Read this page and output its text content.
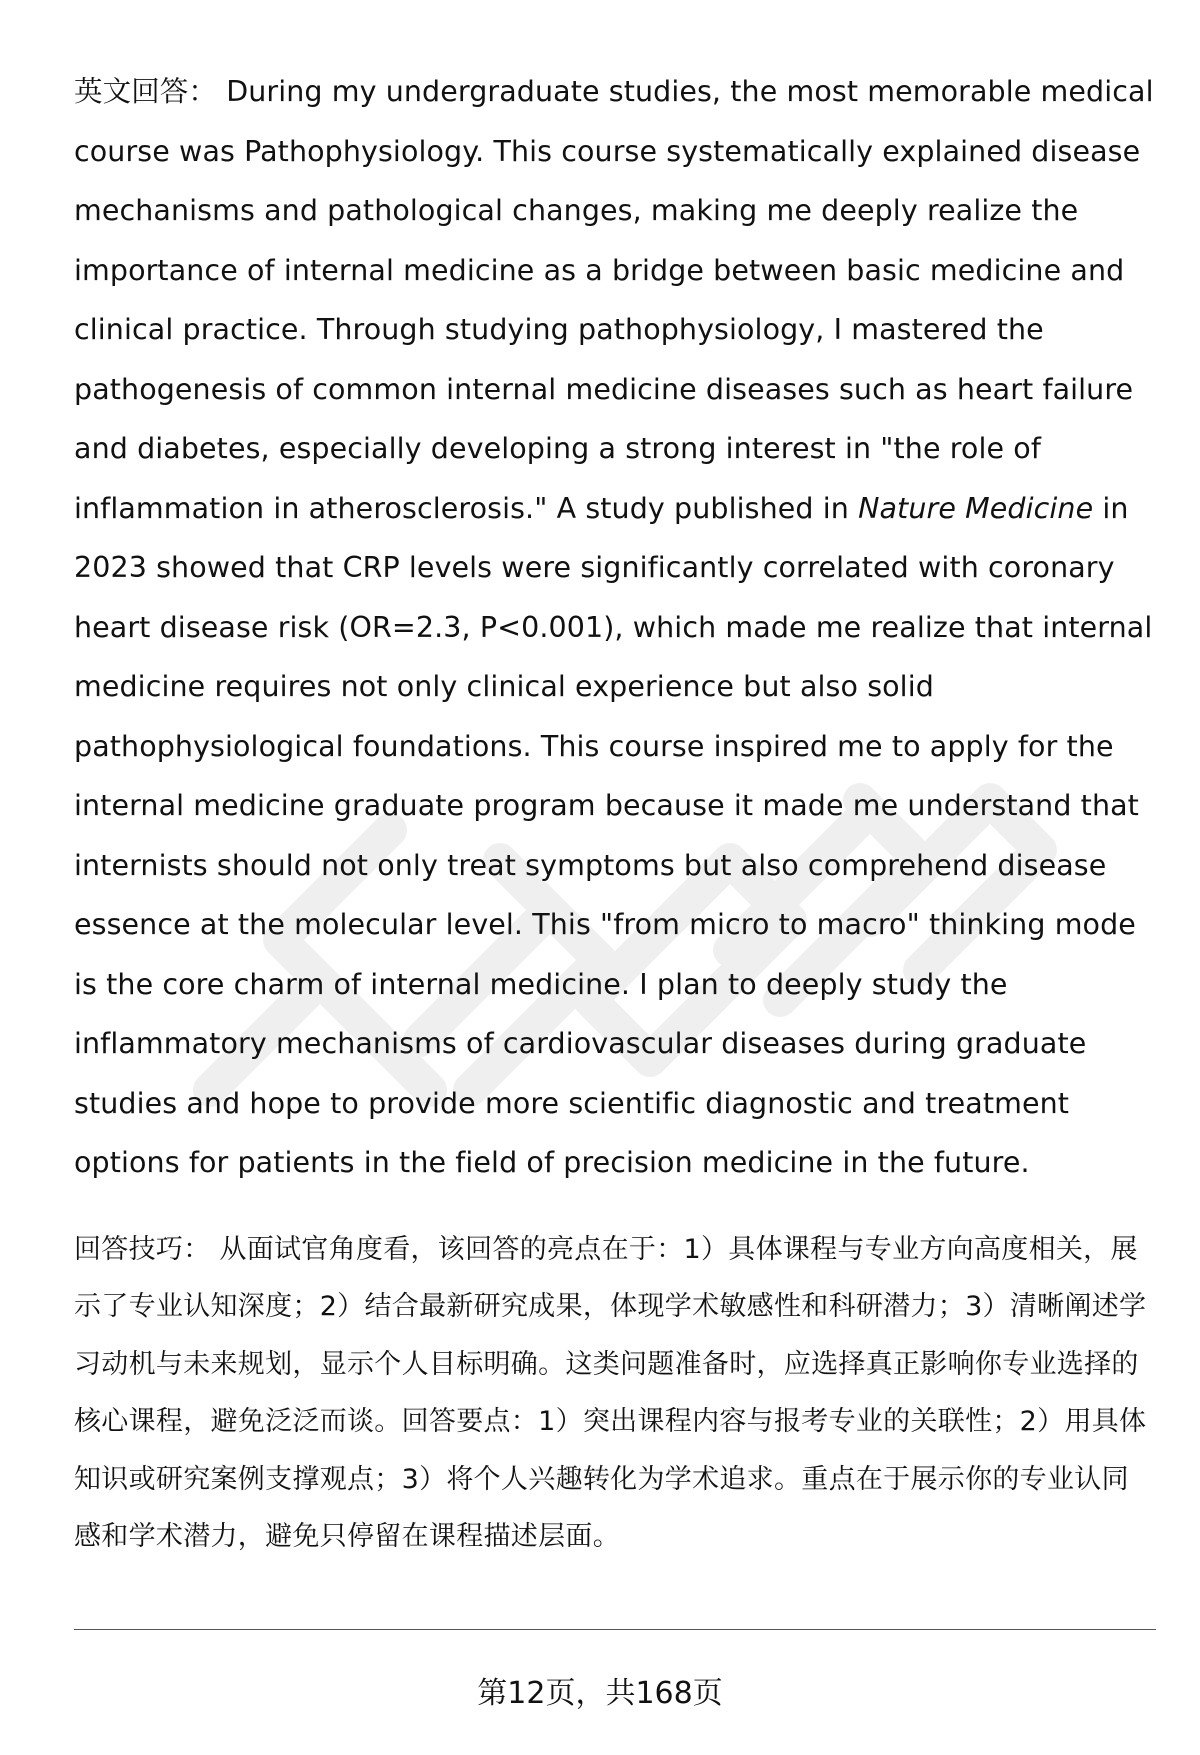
英文回答： During my undergraduate studies, the most memorable medical course was Pathophysiology. This course systematically explained disease mechanisms and pathological changes, making me deeply realize the importance of internal medicine as a bridge between basic medicine and clinical practice. Through studying pathophysiology, I mastered the pathogenesis of common internal medicine diseases such as heart failure and diabetes, especially developing a strong interest in "the role of inflammation in atherosclerosis." A study published in Nature Medicine in 2023 showed that CRP levels were significantly correlated with coronary heart disease risk (OR=2.3, P<0.001), which made me realize that internal medicine requires not only clinical experience but also solid pathophysiological foundations. This course inspired me to apply for the internal medicine graduate program because it made me understand that internists should not only treat symptoms but also comprehend disease essence at the molecular level. This "from micro to macro" thinking mode is the core charm of internal medicine. I plan to deeply study the inflammatory mechanisms of cardiovascular diseases during graduate studies and hope to provide more scientific diagnostic and treatment options for patients in the field of precision medicine in the future.

回答技巧： 从面试官角度看，该回答的亮点在于：1）具体课程与专业方向高度相关，展示了专业认知深度；2）结合最新研究成果，体现学术敏感性和科研潜力；3）清晰阐述学习动机与未来规划，显示个人目标明确。这类问题准备时，应选择真正影响你专业选择的核心课程，避免泛泛而谈。回答要点：1）突出课程内容与报考专业的关联性；2）用具体知识或研究案例支撑观点；3）将个人兴趣转化为学术追求。重点在于展示你的专业认同感和学术潜力，避免只停留在课程描述层面。

第12页，共168页
